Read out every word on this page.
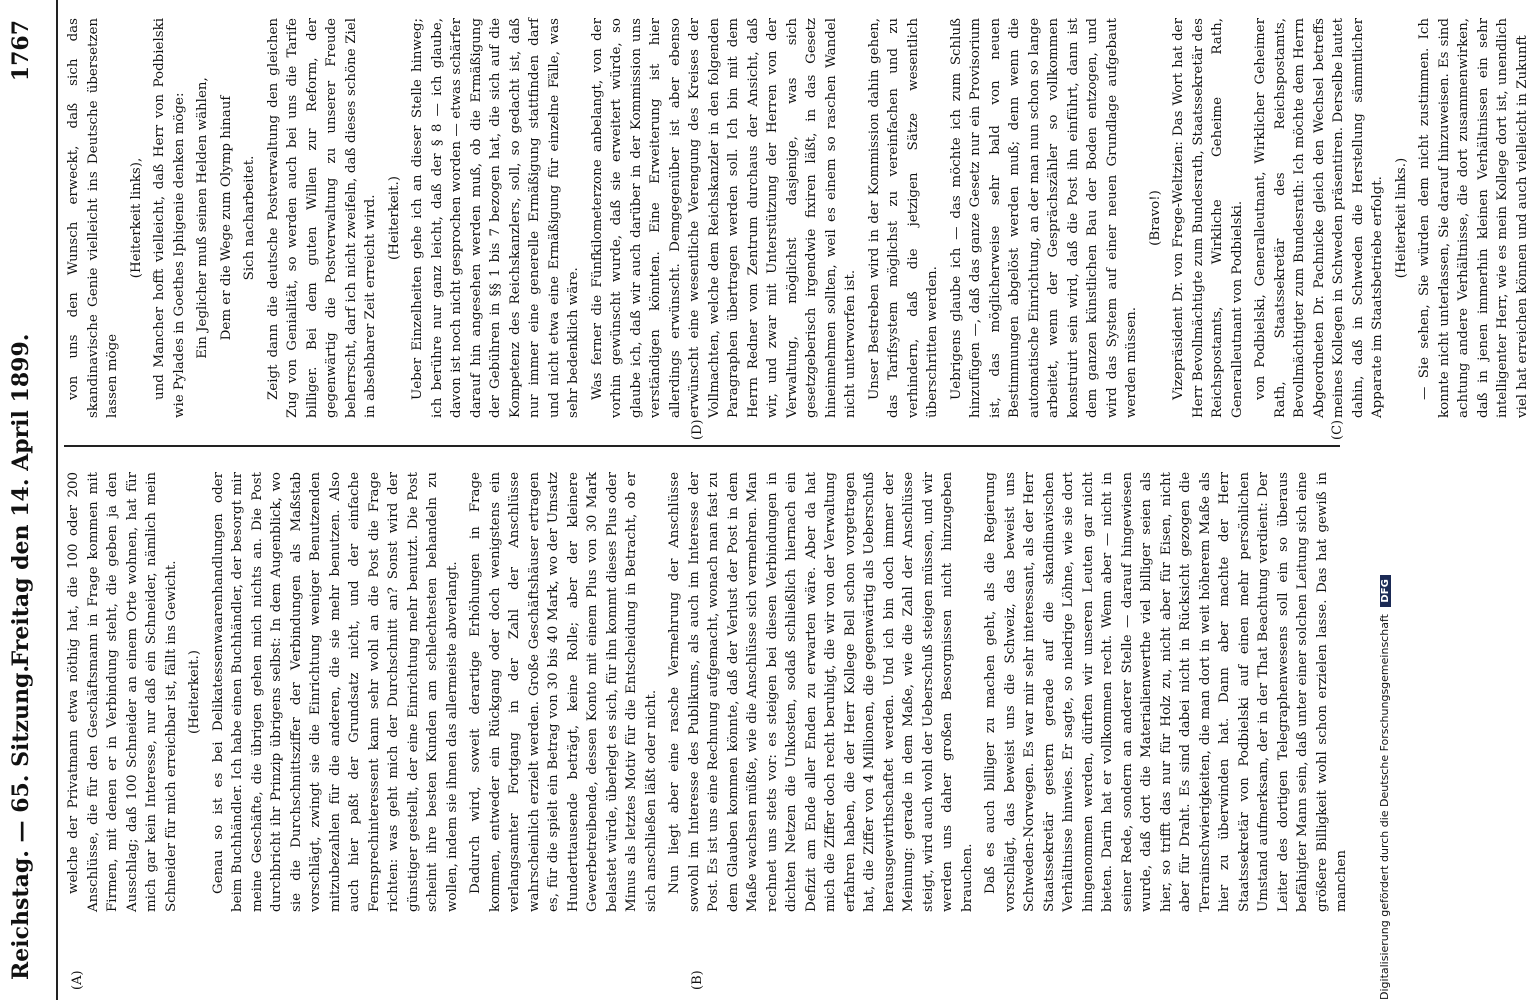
Reichstag. — 65. Sitzung.
Freitag den 14. April 1899.
1767
(A)	(B)
(C)
(D)

welche der Privatmann etwa nöthig hat, die 100 oder 200 Anschlüsse, die für den Geschäftsmann in Frage kommen mit Firmen, mit denen er in Verbindung steht, die geben ja den Ausschlag; daß 100 Schneider an einem Orte wohnen, hat für mich gar kein Interesse, nur daß ein Schneider, nämlich mein Schneider für mich erreichbar ist, fällt ins Gewicht. (Heiterkeit.) Genau so ist es bei Delikatessenwaarenhandlungen oder beim Buchhändler. Ich habe einen Buchhändler, der besorgt mir meine Geschäfte, die übrigen gehen mich nichts an. Die Post durchbricht ihr Prinzip übrigens selbst: In dem Augenblick, wo sie die Durchschnittsziffer der Verbindungen als Maßstab vorschlägt, zwingt sie die Einrichtung weniger Benutzenden mitzubezahlen für die anderen, die sie mehr benutzen. Also auch hier paßt der Grundsatz nicht, und der einfache Fernsprechinteressent kann sehr wohl an die Post die Frage richten: was geht mich der Durchschnitt an? Sonst wird der günstiger gestellt, der eine Einrichtung mehr benutzt. Die Post scheint ihre besten Kunden am schlechtesten behandeln zu wollen, indem sie ihnen das allermeiste abverlangt. Dadurch wird, soweit derartige Erhöhungen in Frage kommen, entweder ein Rückgang oder doch wenigstens ein verlangsamter Fortgang in der Zahl der Anschlüsse wahrscheinlich erzielt werden. Große Geschäftshäuser ertragen es, für die spielt ein Betrag von 30 bis 40 Mark, wo der Umsatz Hunderttausende beträgt, keine Rolle; aber der kleinere Gewerbetreibende, dessen Konto mit einem Plus von 30 Mark belastet würde, überlegt es sich, für ihn kommt dieses Plus oder Minus als letztes Motiv für die Entscheidung in Betracht, ob er sich anschließen läßt oder nicht. Nun liegt aber eine rasche Vermehrung der Anschlüsse sowohl im Interesse des Publikums, als auch im Interesse der Post. Es ist uns eine Rechnung aufgemacht, wonach man fast zu dem Glauben kommen könnte, daß der Verlust der Post in dem Maße wachsen müßte, wie die Anschlüsse sich vermehren. Man rechnet uns stets vor: es steigen bei diesen Verbindungen in dichten Netzen die Unkosten, sodaß schließlich hiernach ein Defizit am Ende aller Enden zu erwarten wäre. Aber da hat mich die Ziffer doch recht beruhigt, die wir von der Verwaltung erfahren haben, die der Herr Kollege Bell schon vorgetragen hat, die Ziffer von 4 Millionen, die gegenwärtig als Ueberschuß herausgewirthschaftet werden. Und ich bin doch immer der Meinung: gerade in dem Maße, wie die Zahl der Anschlüsse steigt, wird auch wohl der Ueberschuß steigen müssen, und wir werden uns daher großen Besorgnissen nicht hinzugeben brauchen. Daß es auch billiger zu machen geht, als die Regierung vorschlägt, das beweist uns die Schweiz, das beweist uns Schweden-Norwegen. Es war mir sehr interessant, als der Herr Staatssekretär gestern gerade auf die skandinavischen Verhältnisse hinwies. Er sagte, so niedrige Löhne, wie sie dort hingenommen werden, dürften wir unseren Leuten gar nicht bieten. Darin hat er vollkommen recht. Wenn aber — nicht in seiner Rede, sondern an anderer Stelle — darauf hingewiesen wurde, daß dort die Materialienwerthe viel billiger seien als hier, so trifft das nur für Holz zu, nicht aber für Eisen, nicht aber für Draht. Es sind dabei nicht in Rücksicht gezogen die Terrainschwierigkeiten, die man dort in weit höherem Maße als hier zu überwinden hat. Dann aber machte der Herr Staatssekretär von Podbielski auf einen mehr persönlichen Umstand aufmerksam, der in der That Beachtung verdient: Der Leiter des dortigen Telegraphenwesens soll ein so überaus befähigter Mann sein, daß unter einer solchen Leitung sich eine größere Billigkeit wohl schon erzielen lasse. Das hat gewiß in manchen

von uns den Wunsch erweckt, daß sich das skandinavische Genie vielleicht ins Deutsche übersetzen lassen möge

(Heiterkeit links), und Mancher hofft vielleicht, daß Herr von Podbielski wie Pylades in Goethes Iphigenie denken möge: Ein Jeglicher muß seinen Helden wählen, Dem er die Wege zum Olymp hinauf Sich nacharbeitet. Zeigt dann die deutsche Postverwaltung den gleichen Zug von Genialität, so werden auch bei uns die Tarife billiger. Bei dem guten Willen zur Reform, der gegenwärtig die Postverwaltung zu unserer Freude beherrscht, darf ich nicht zweifeln, daß dieses schöne Ziel in absehbarer Zeit erreicht wird. (Heiterkeit.) Ueber Einzelheiten gehe ich an dieser Stelle hinweg; ich berühre nur ganz leicht, daß der § 8 — ich glaube, davon ist noch nicht gesprochen worden — etwas schärfer darauf hin angesehen werden muß, ob die Ermäßigung der Gebühren in §§ 1 bis 7 bezogen hat, die sich auf die Kompetenz des Reichskanzlers, soll, so gedacht ist, daß nur immer eine generelle Ermäßigung stattfinden darf und nicht etwa eine Ermäßigung für einzelne Fälle, was sehr bedenklich wäre. Was ferner die Fünfkilometerzone anbelangt, von der vorhin gewünscht wurde, daß sie erweitert würde, so glaube ich, daß wir auch darüber in der Kommission uns verständigen könnten. Eine Erweiterung ist hier allerdings erwünscht. Demgegenüber ist aber ebenso erwünscht eine wesentliche Verengung des Kreises der Vollmachten, welche dem Reichskanzler in den folgenden Paragraphen übertragen werden soll. Ich bin mit dem Herrn Redner vom Zentrum durchaus der Ansicht, daß wir, und zwar mit Unterstützung der Herren von der Verwaltung, möglichst dasjenige, was sich gesetzgeberisch irgendwie fixiren läßt, in das Gesetz hineinnehmen sollten, weil es einem so raschen Wandel nicht unterworfen ist. Unser Bestreben wird in der Kommission dahin gehen, das Tarifsystem möglichst zu vereinfachen und zu verhindern, daß die jetzigen Sätze wesentlich überschritten werden. Uebrigens glaube ich — das möchte ich zum Schluß hinzufügen —, daß das ganze Gesetz nur ein Provisorium ist, das möglicherweise sehr bald von neuen Bestimmungen abgelöst werden muß; denn wenn die automatische Einrichtung, an der man nun schon so lange arbeitet, wenn der Gesprächszähler so vollkommen konstruirt sein wird, daß die Post ihn einführt, dann ist dem ganzen künstlichen Bau der Boden entzogen, und wird das System auf einer neuen Grundlage aufgebaut werden müssen.

(Bravo!) Vizepräsident Dr. von Frege-Weltzien: Das Wort hat der Herr Bevollmächtigte zum Bundesrath, Staatssekretär des Reichspostamts, Wirkliche Geheime Rath, Generalleutnant von Podbielski. von Podbielski, Generalleutnant, Wirklicher Geheimer Rath, Staatssekretär des Reichspostamts, Bevollmächtigter zum Bundesrath: Ich möchte dem Herrn Abgeordneten Dr. Pachnicke gleich den Wechsel betreffs meines Kollegen in Schweden präsentiren. Derselbe lautet dahin, daß in Schweden die Herstellung sämmtlicher Apparate im Staatsbetriebe erfolgt. (Heiterkeit links.) — Sie sehen, Sie würden dem nicht zustimmen. Ich konnte nicht unterlassen, Sie darauf hinzuweisen. Es sind achtung andere Verhältnisse, die dort zusammenwirken, daß in jenen immerhin kleinen Verhältnissen ein sehr intelligenter Herr, wie es mein Kollege dort ist, unendlich viel hat erreichen können und auch vielleicht in Zukunft

Digitalisierung gefördert durch die Deutsche Forschungsgemeinschaft DFG
